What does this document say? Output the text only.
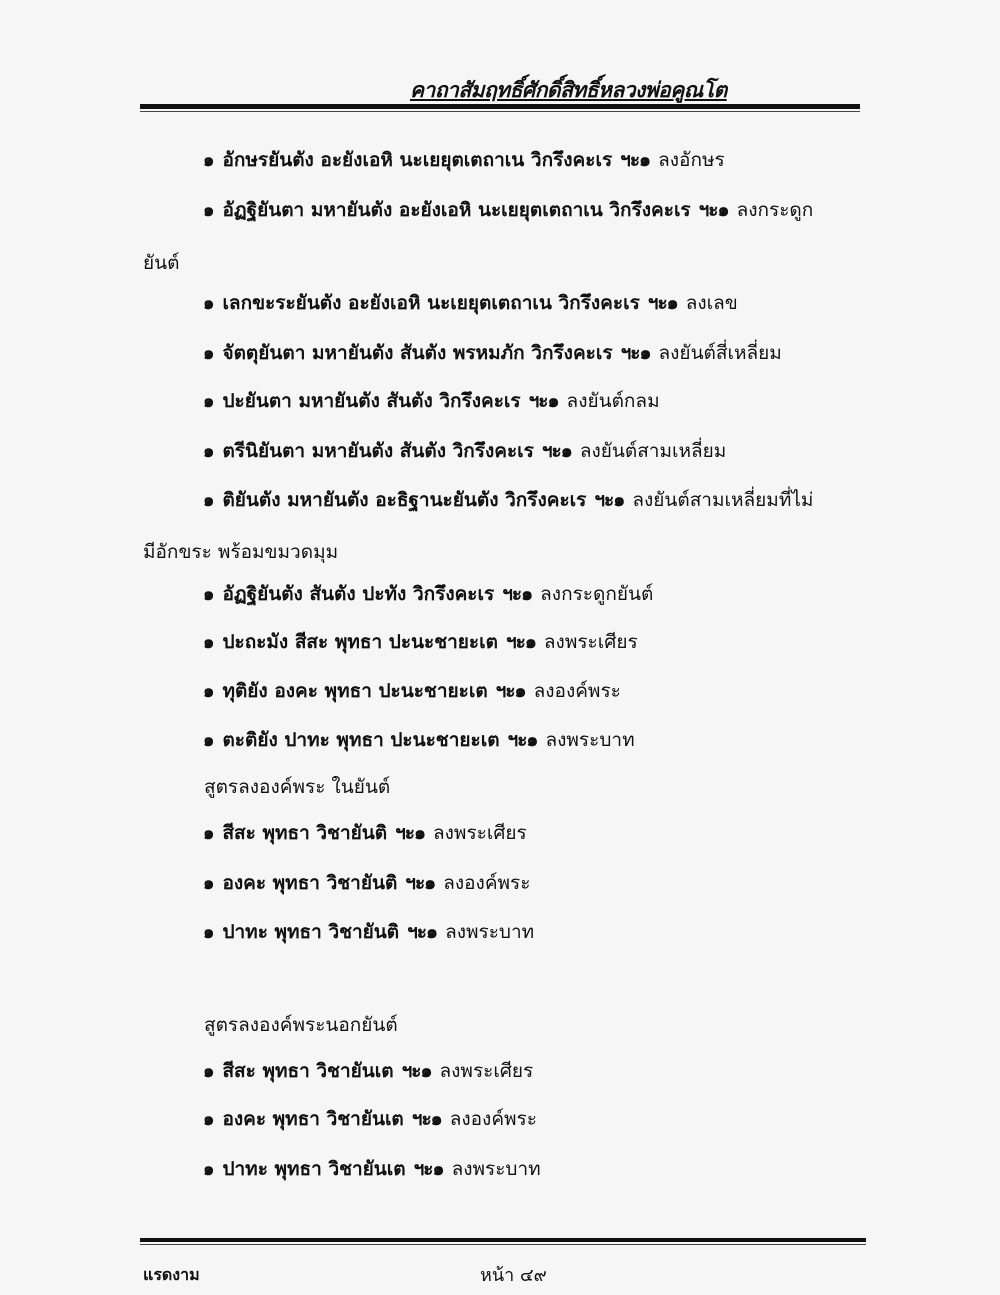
คาถาสัมฤทธิ์ศักดิ์สิทธิ์หลวงพ่อคูณโต
๑ อักษรยันตัง อะยังเอหิ นะเยยุตเตถาเน วิกรึงคะเร ฯะ๑ ลงอักษร
๑ อัฏฐิยันตา มหายันตัง อะยังเอหิ นะเยยุตเตถาเน วิกรึงคะเร ฯะ๑ ลงกระดูก
ยันต์
๑ เลกขะระยันตัง อะยังเอหิ นะเยยุตเตถาเน วิกรึงคะเร ฯะ๑ ลงเลข
๑ จัตตุยันตา มหายันตัง สันตัง พรหมภัก วิกรึงคะเร ฯะ๑ ลงยันต์สี่เหลี่ยม
๑ ปะยันตา มหายันตัง สันตัง วิกรึงคะเร ฯะ๑ ลงยันต์กลม
๑ ตรีนิยันตา มหายันตัง สันตัง วิกรึงคะเร ฯะ๑ ลงยันต์สามเหลี่ยม
๑ ติยันตัง มหายันตัง อะธิฐานะยันตัง วิกรึงคะเร ฯะ๑ ลงยันต์สามเหลี่ยมที่ไม่
มีอักขระ พร้อมขมวดมุม
๑ อัฏฐิยันตัง สันตัง ปะทัง วิกรึงคะเร ฯะ๑ ลงกระดูกยันต์
๑ ปะถะมัง สีสะ พุทธา ปะนะชายะเต ฯะ๑ ลงพระเศียร
๑ ทุติยัง องคะ พุทธา ปะนะชายะเต ฯะ๑ ลงองค์พระ
๑ ตะติยัง ปาทะ พุทธา ปะนะชายะเต ฯะ๑ ลงพระบาท
สูตรลงองค์พระ ในยันต์
๑ สีสะ พุทธา วิชายันติ ฯะ๑ ลงพระเศียร
๑ องคะ พุทธา วิชายันติ ฯะ๑ ลงองค์พระ
๑ ปาทะ พุทธา วิชายันติ ฯะ๑ ลงพระบาท
สูตรลงองค์พระนอกยันต์
๑ สีสะ พุทธา วิชายันเต ฯะ๑ ลงพระเศียร
๑ องคะ พุทธา วิชายันเต ฯะ๑ ลงองค์พระ
๑ ปาทะ พุทธา วิชายันเต ฯะ๑ ลงพระบาท
แรดงาม	หน้า ๔๙
